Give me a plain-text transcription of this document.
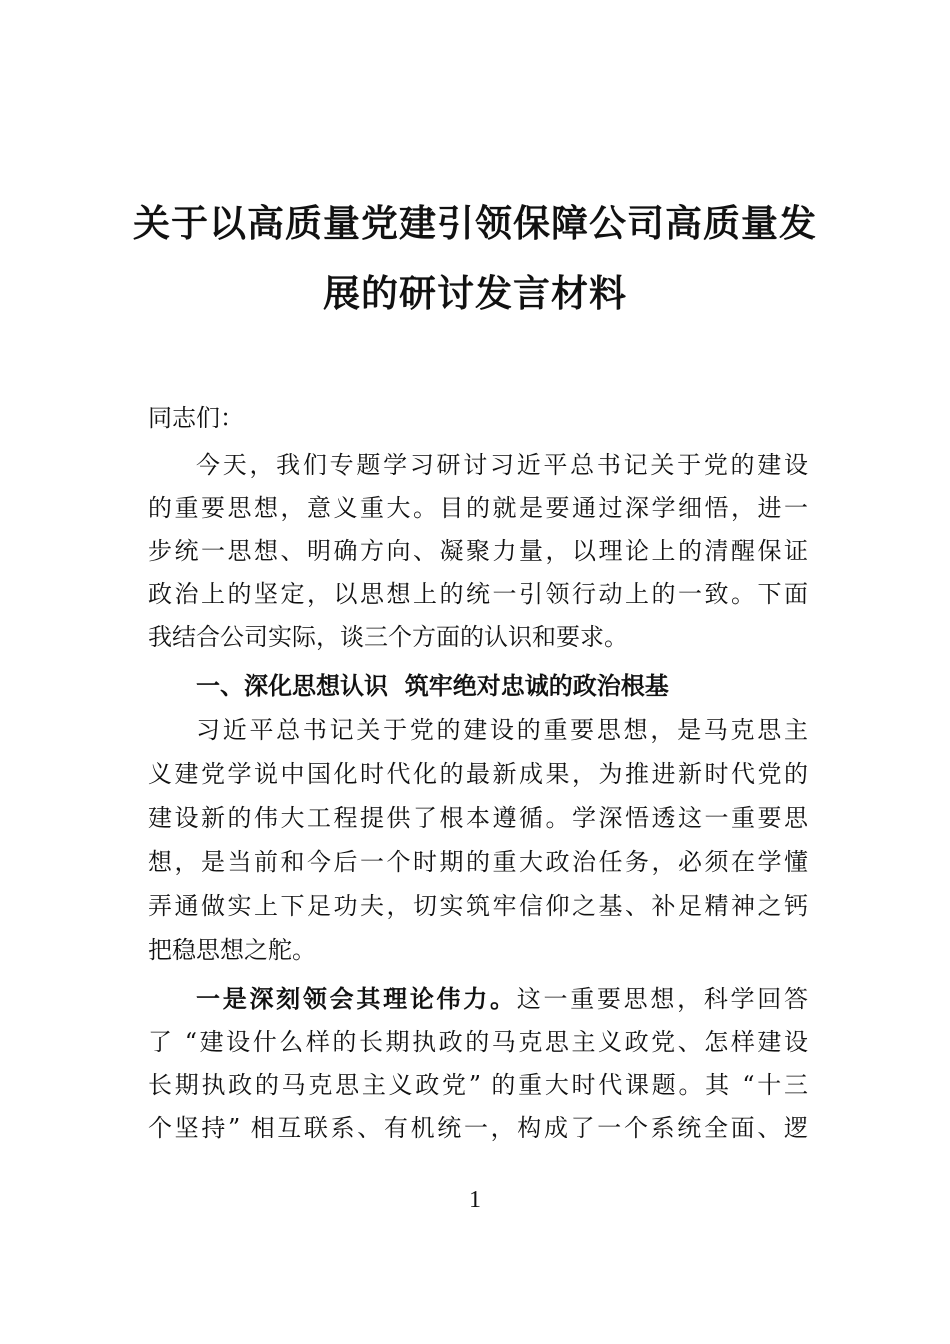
关于以高质量党建引领保障公司高质量发
展的研讨发言材料
同志们：
今天，我们专题学习研讨习近平总书记关于党的建设
的重要思想，意义重大。目的就是要通过深学细悟，进一
步统一思想、明确方向、凝聚力量，以理论上的清醒保证
政治上的坚定，以思想上的统一引领行动上的一致。下面
我结合公司实际，谈三个方面的认识和要求。
一、深化思想认识  筑牢绝对忠诚的政治根基
习近平总书记关于党的建设的重要思想，是马克思主
义建党学说中国化时代化的最新成果，为推进新时代党的
建设新的伟大工程提供了根本遵循。学深悟透这一重要思
想，是当前和今后一个时期的重大政治任务，必须在学懂
弄通做实上下足功夫，切实筑牢信仰之基、补足精神之钙
把稳思想之舵。
一是深刻领会其理论伟力。这一重要思想，科学回答
了 “建设什么样的长期执政的马克思主义政党、怎样建设
长期执政的马克思主义政党” 的重大时代课题。其 “十三
个坚持” 相互联系、有机统一，构成了一个系统全面、逻
1
